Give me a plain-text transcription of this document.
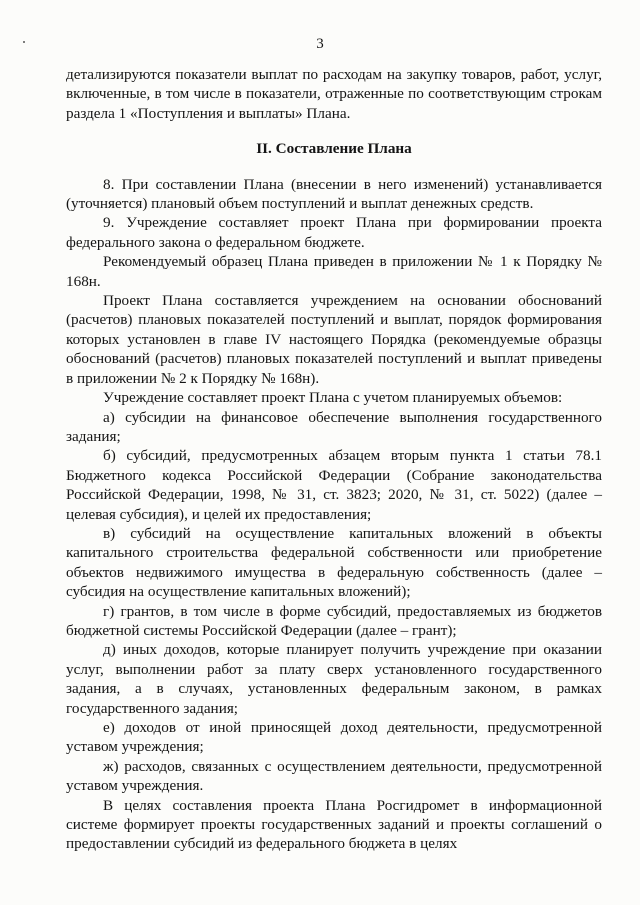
3

детализируются показатели выплат по расходам на закупку товаров, работ, услуг, включенные, в том числе в показатели, отраженные по соответствующим строкам раздела 1 «Поступления и выплаты» Плана.

II. Составление Плана

8. При составлении Плана (внесении в него изменений) устанавливается (уточняется) плановый объем поступлений и выплат денежных средств.

9. Учреждение составляет проект Плана при формировании проекта федерального закона о федеральном бюджете.

Рекомендуемый образец Плана приведен в приложении № 1 к Порядку № 168н.

Проект Плана составляется учреждением на основании обоснований (расчетов) плановых показателей поступлений и выплат, порядок формирования которых установлен в главе IV настоящего Порядка (рекомендуемые образцы обоснований (расчетов) плановых показателей поступлений и выплат приведены в приложении № 2 к Порядку № 168н).

Учреждение составляет проект Плана с учетом планируемых объемов:

а) субсидии на финансовое обеспечение выполнения государственного задания;

б) субсидий, предусмотренных абзацем вторым пункта 1 статьи 78.1 Бюджетного кодекса Российской Федерации (Собрание законодательства Российской Федерации, 1998, № 31, ст. 3823; 2020, № 31, ст. 5022) (далее – целевая субсидия), и целей их предоставления;

в) субсидий на осуществление капитальных вложений в объекты капитального строительства федеральной собственности или приобретение объектов недвижимого имущества в федеральную собственность (далее – субсидия на осуществление капитальных вложений);

г) грантов, в том числе в форме субсидий, предоставляемых из бюджетов бюджетной системы Российской Федерации (далее – грант);

д) иных доходов, которые планирует получить учреждение при оказании услуг, выполнении работ за плату сверх установленного государственного задания, а в случаях, установленных федеральным законом, в рамках государственного задания;

е) доходов от иной приносящей доход деятельности, предусмотренной уставом учреждения;

ж) расходов, связанных с осуществлением деятельности, предусмотренной уставом учреждения.

В целях составления проекта Плана Росгидромет в информационной системе формирует проекты государственных заданий и проекты соглашений о предоставлении субсидий из федерального бюджета в целях
